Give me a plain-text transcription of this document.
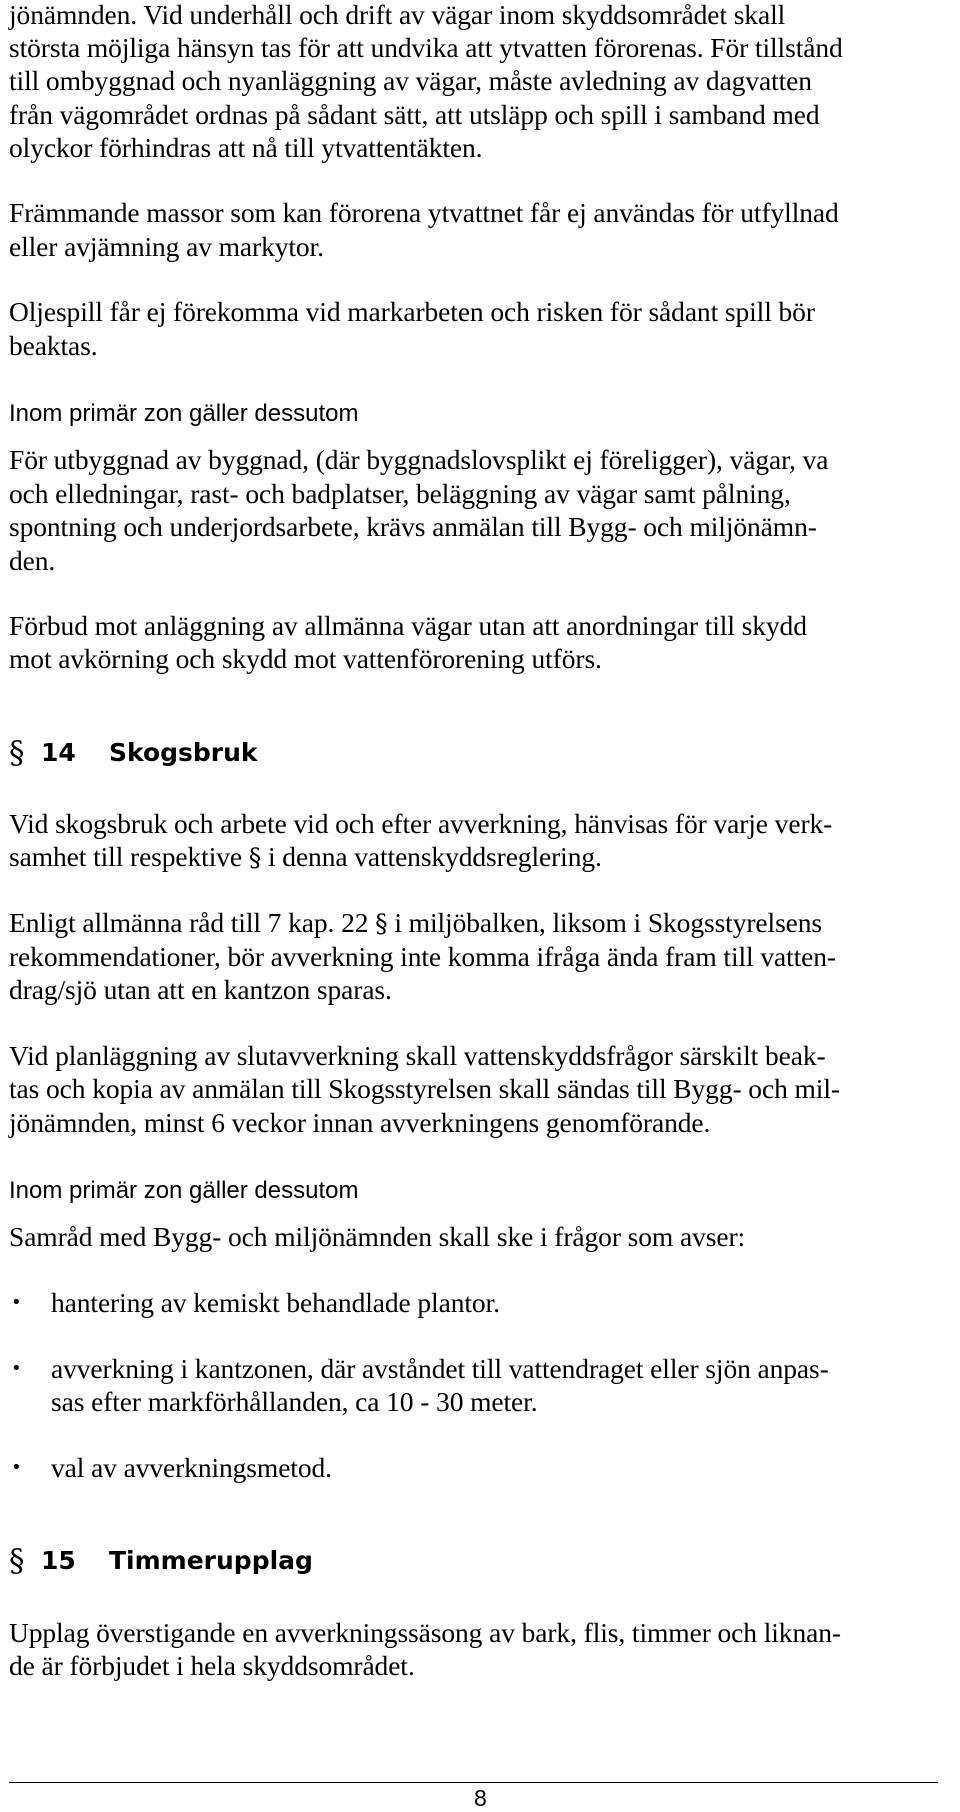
jönämnden. Vid underhåll och drift av vägar inom skyddsområdet skall
största möjliga hänsyn tas för att undvika att ytvatten förorenas. För tillstånd
till ombyggnad och nyanläggning av vägar, måste avledning av dagvatten
från vägområdet ordnas på sådant sätt, att utsläpp och spill i samband med
olyckor förhindras att nå till ytvattentäkten.
Främmande massor som kan förorena ytvattnet får ej användas för utfyllnad
eller avjämning av markytor.
Oljespill får ej förekomma vid markarbeten och risken för sådant spill bör
beaktas.
Inom primär zon gäller dessutom
För utbyggnad av byggnad, (där byggnadslovsplikt ej föreligger), vägar, va
och elledningar, rast- och badplatser, beläggning av vägar samt pålning,
spontning och underjordsarbete, krävs anmälan till Bygg- och miljönämn-
den.
Förbud mot anläggning av allmänna vägar utan att anordningar till skydd
mot avkörning och skydd mot vattenförorening utförs.
§ 14 Skogsbruk
Vid skogsbruk och arbete vid och efter avverkning, hänvisas för varje verk-
samhet till respektive § i denna vattenskyddsreglering.
Enligt allmänna råd till 7 kap. 22 § i miljöbalken, liksom i Skogsstyrelsens
rekommendationer, bör avverkning inte komma ifråga ända fram till vatten-
drag/sjö utan att en kantzon sparas.
Vid planläggning av slutavverkning skall vattenskyddsfrågor särskilt beak-
tas och kopia av anmälan till Skogsstyrelsen skall sändas till Bygg- och mil-
jönämnden, minst 6 veckor innan avverkningens genomförande.
Inom primär zon gäller dessutom
Samråd med Bygg- och miljönämnden skall ske i frågor som avser:
• hantering av kemiskt behandlade plantor.
• avverkning i kantzonen, där avståndet till vattendraget eller sjön anpas-
sas efter markförhållanden, ca 10 - 30 meter.
• val av avverkningsmetod.
§ 15 Timmerupplag
Upplag överstigande en avverkningssäsong av bark, flis, timmer och liknan-
de är förbjudet i hela skyddsområdet.
8
